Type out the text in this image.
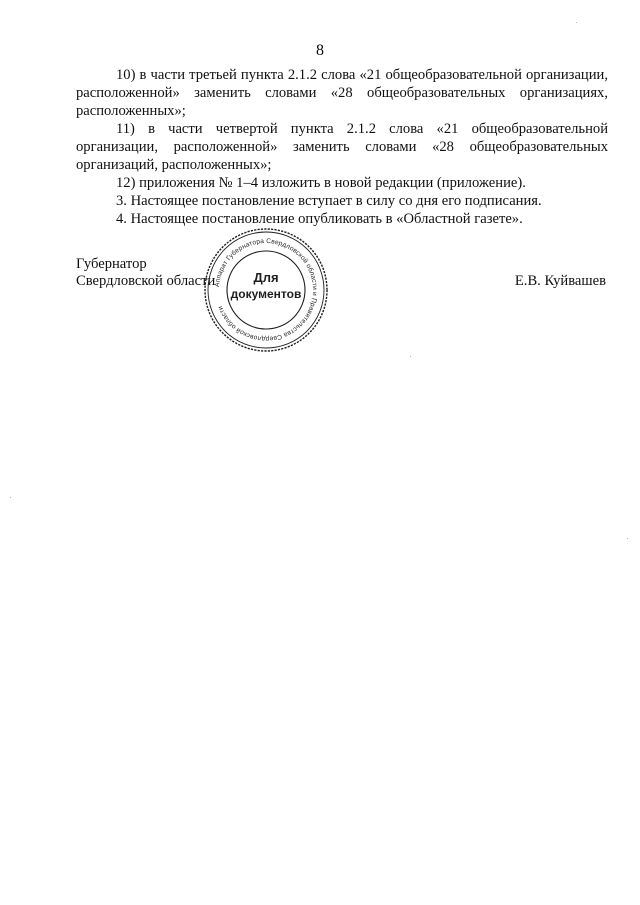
8

10) в части третьей пункта 2.1.2 слова «21 общеобразовательной организации, расположенной» заменить словами «28 общеобразовательных организациях, расположенных»;

11) в части четвертой пункта 2.1.2 слова «21 общеобразовательной организации, расположенной» заменить словами «28 общеобразовательных организаций, расположенных»;

12) приложения № 1–4 изложить в новой редакции (приложение).

3. Настоящее постановление вступает в силу со дня его подписания.

4. Настоящее постановление опубликовать в «Областной газете».

Губернатор
Свердловской области	Е.В. Куйвашев
Аппарат Губернатора Свердловской области и Правительства Свердловской области
Для
документов
